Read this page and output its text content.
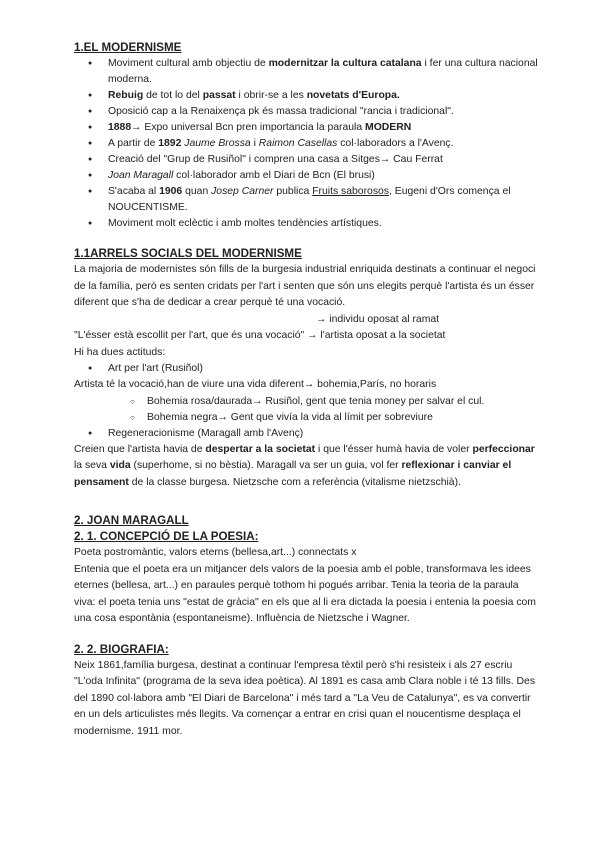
1.EL MODERNISME
● Moviment cultural amb objectiu de modernitzar la cultura catalana i fer una cultura nacional moderna.
● Rebuig de tot lo del passat i obrir-se a les novetats d'Europa.
● Oposició cap a la Renaixença pk és massa tradicional "rancia i tradicional".
● 1888→ Expo universal Bcn pren importancia la paraula MODERN
● A partir de 1892 Jaume Brossa i Raimon Casellas col·laboradors a l'Avenç.
● Creació del "Grup de Rusiñol" i compren una casa a Sitges→ Cau Ferrat
● Joan Maragall col·laborador amb el Diari de Bcn (El brusi)
● S'acaba al 1906 quan Josep Carner publica Fruits saborosos, Eugeni d'Ors comença el NOUCENTISME.
● Moviment molt eclèctic i amb moltes tendències artístiques.
1.1ARRELS SOCIALS DEL MODERNISME

La majoria de modernistes són fills de la burgesia industrial enriquida destinats a continuar el negoci de la família, però es senten cridats per l'art i senten que són uns elegits perquè l'artista és un ésser diferent que s'ha de dedicar a crear perquè té una vocació.

→ individu oposat al ramat

"L'ésser està escollit per l'art, que és una vocació" → l'artista oposat a la societat

Hi ha dues actituds:

● Art per l'art (Rusiñol)

Artista té la vocació,han de viure una vida diferent→ bohemia,París, no horaris

○ Bohemia rosa/daurada→ Rusiñol, gent que tenia money per salvar el cul.
○ Bohemia negra→ Gent que vivía la vida al límit per sobreviure
● Regeneracionisme (Maragall amb l'Avenç)

Creien que l'artista havia de despertar a la societat i que l'ésser humà havia de voler perfeccionar la seva vida (superhome, si no bèstia). Maragall va ser un guia, vol fer reflexionar i canviar el pensament de la classe burgesa. Nietzsche com a referència (vitalisme nietzschià).

2. JOAN MARAGALL
2. 1. CONCEPCIÓ DE LA POESIA:

Poeta postromàntic, valors eterns (bellesa,art...) connectats x

Entenia que el poeta era un mitjancer dels valors de la poesia amb el poble, transformava les idees eternes (bellesa, art...) en paraules perquè tothom hi pogués arribar. Tenia la teoria de la paraula viva: el poeta tenia uns "estat de gràcia" en els que al li era dictada la poesia i entenia la poesia com una cosa espontània (espontaneisme). Influència de Nietzsche i Wagner.

2. 2. BIOGRAFIA:

Neix 1861,família burgesa, destinat a continuar l'empresa tèxtil però s'hi resisteix i als 27 escriu "L'oda Infinita" (programa de la seva idea poètica). Al 1891 es casa amb Clara noble i té 13 fills. Des del 1890 col·labora amb "El Diari de Barcelona" i més tard a "La Veu de Catalunya", es va convertir en un dels articulistes més llegits. Va començar a entrar en crisi quan el noucentisme desplaça el modernisme. 1911 mor.
